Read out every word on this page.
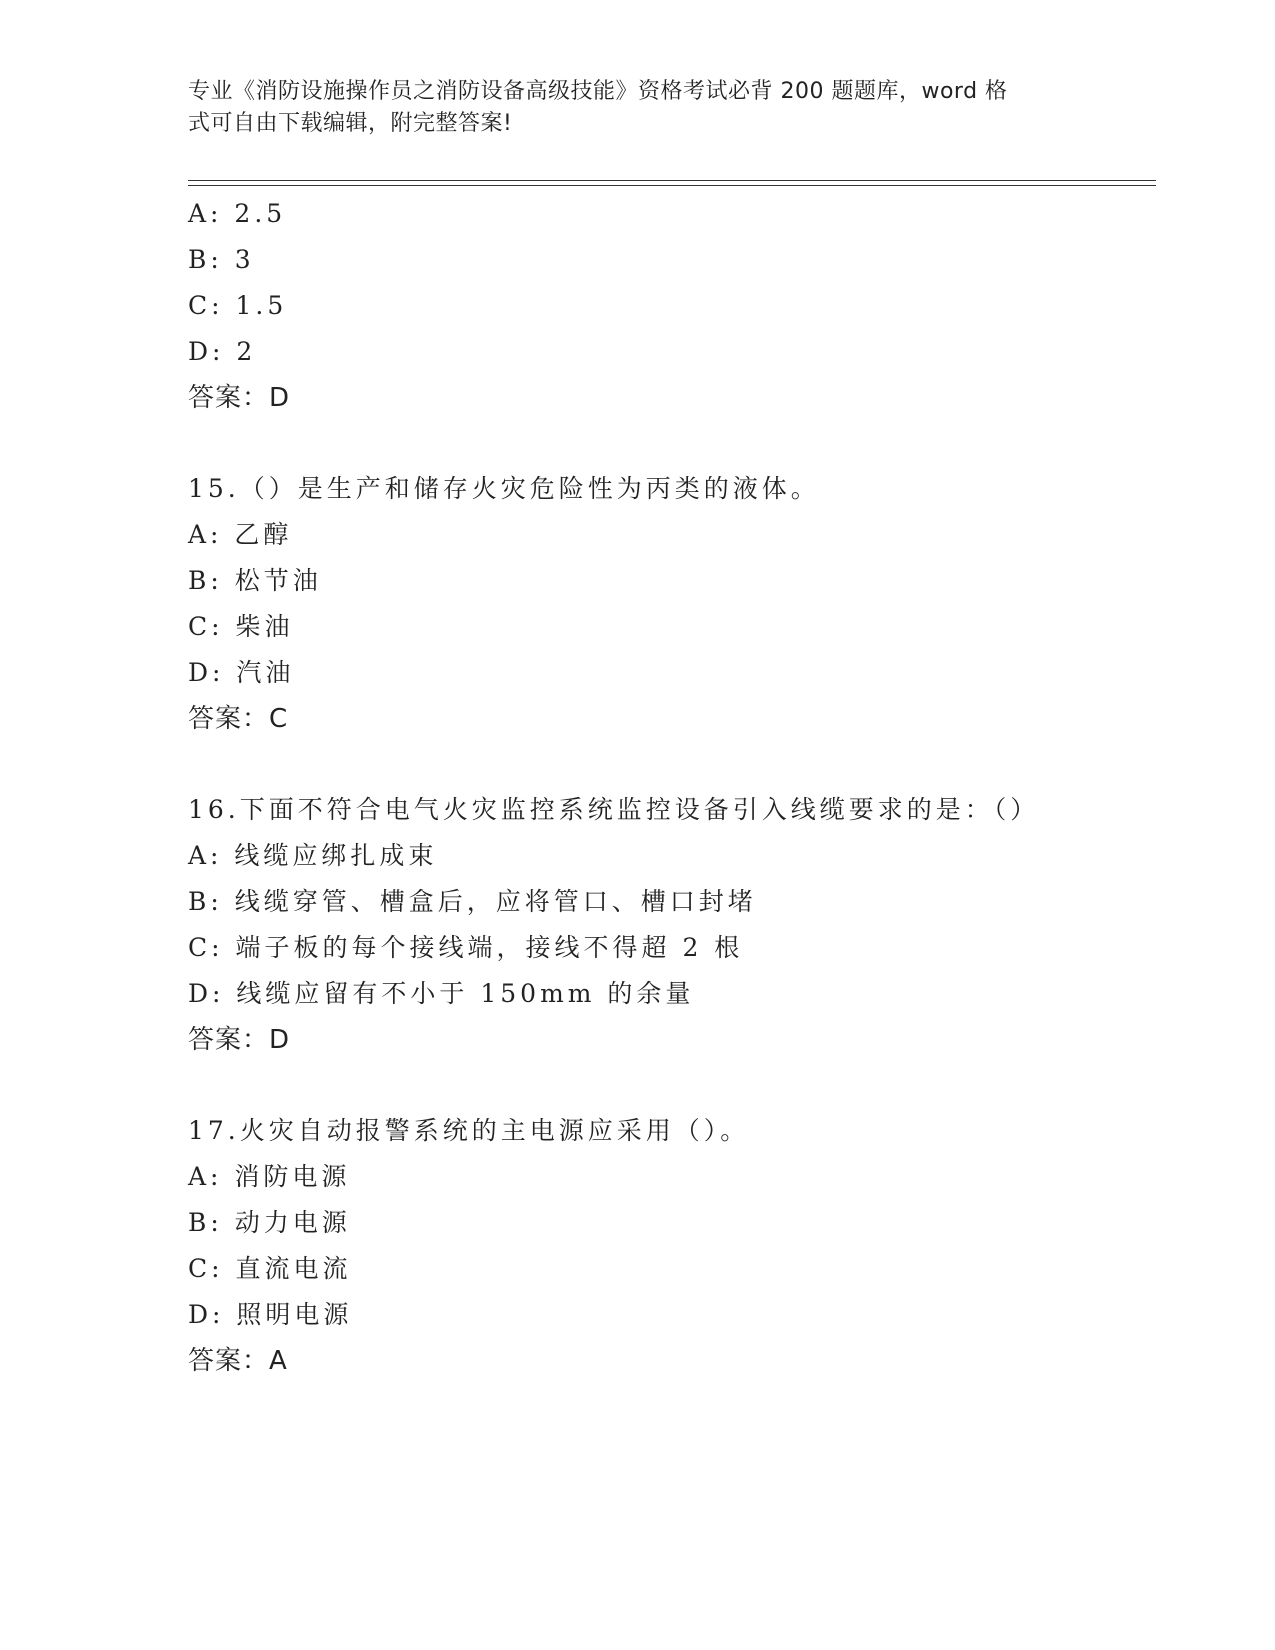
专业《消防设施操作员之消防设备高级技能》资格考试必背 200 题题库，word 格
式可自由下载编辑，附完整答案!
A: 2.5
B: 3
C: 1.5
D: 2
答案：D
15.（）是生产和储存火灾危险性为丙类的液体。
A: 乙醇
B: 松节油
C: 柴油
D: 汽油
答案：C
16.下面不符合电气火灾监控系统监控设备引入线缆要求的是：（）
A: 线缆应绑扎成束
B: 线缆穿管、槽盒后，应将管口、槽口封堵
C: 端子板的每个接线端，接线不得超 2 根
D: 线缆应留有不小于 150mm 的余量
答案：D
17.火灾自动报警系统的主电源应采用（）。
A: 消防电源
B: 动力电源
C: 直流电流
D: 照明电源
答案：A
